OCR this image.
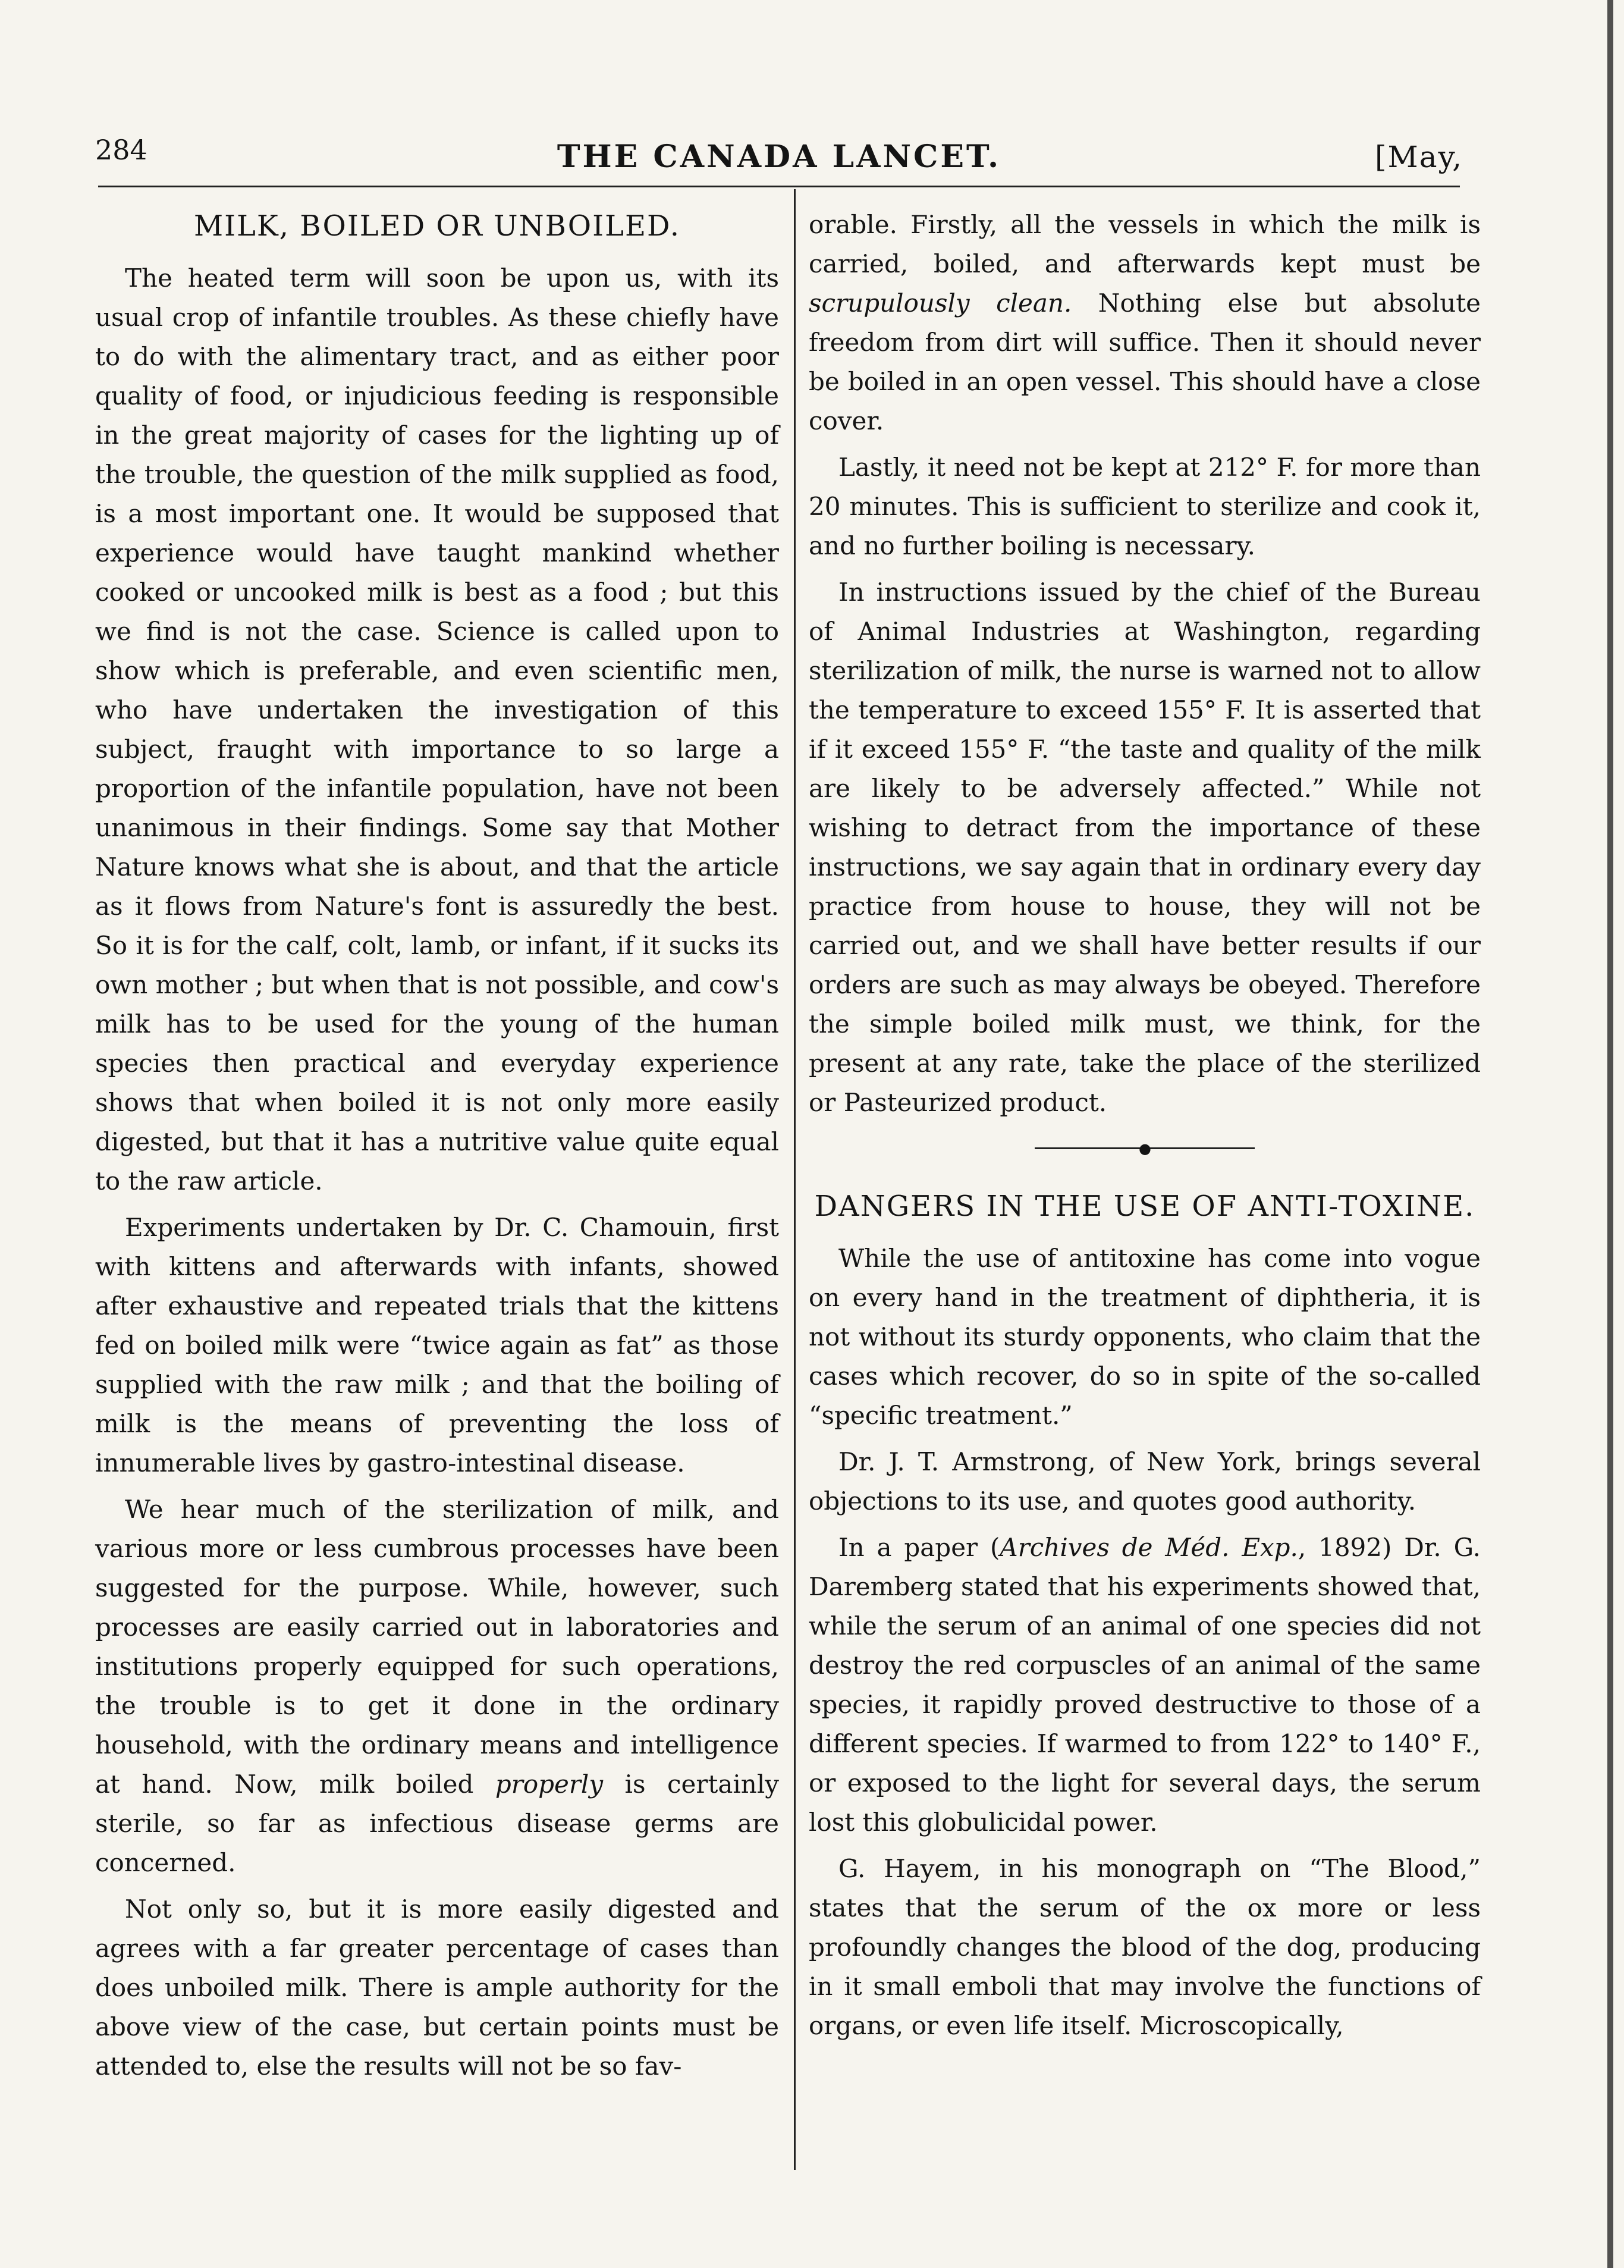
284	THE CANADA LANCET.	[May,
MILK, BOILED OR UNBOILED.

The heated term will soon be upon us, with its usual crop of infantile troubles. As these chiefly have to do with the alimentary tract, and as either poor quality of food, or injudicious feeding is responsible in the great majority of cases for the lighting up of the trouble, the question of the milk supplied as food, is a most important one. It would be supposed that experience would have taught mankind whether cooked or uncooked milk is best as a food ; but this we find is not the case. Science is called upon to show which is preferable, and even scientific men, who have undertaken the investigation of this subject, fraught with importance to so large a proportion of the infantile population, have not been unanimous in their findings. Some say that Mother Nature knows what she is about, and that the article as it flows from Nature's font is assuredly the best. So it is for the calf, colt, lamb, or infant, if it sucks its own mother ; but when that is not possible, and cow's milk has to be used for the young of the human species then practical and everyday experience shows that when boiled it is not only more easily digested, but that it has a nutritive value quite equal to the raw article.

Experiments undertaken by Dr. C. Chamouin, first with kittens and afterwards with infants, showed after exhaustive and repeated trials that the kittens fed on boiled milk were “twice again as fat” as those supplied with the raw milk ; and that the boiling of milk is the means of preventing the loss of innumerable lives by gastro-intestinal disease.

We hear much of the sterilization of milk, and various more or less cumbrous processes have been suggested for the purpose. While, however, such processes are easily carried out in laboratories and institutions properly equipped for such operations, the trouble is to get it done in the ordinary household, with the ordinary means and intelligence at hand. Now, milk boiled properly is certainly sterile, so far as infectious disease germs are concerned.

Not only so, but it is more easily digested and agrees with a far greater percentage of cases than does unboiled milk. There is ample authority for the above view of the case, but certain points must be attended to, else the results will not be so fav-

orable. Firstly, all the vessels in which the milk is carried, boiled, and afterwards kept must be scrupulously clean. Nothing else but absolute freedom from dirt will suffice. Then it should never be boiled in an open vessel. This should have a close cover.

Lastly, it need not be kept at 212° F. for more than 20 minutes. This is sufficient to sterilize and cook it, and no further boiling is necessary.

In instructions issued by the chief of the Bureau of Animal Industries at Washington, regarding sterilization of milk, the nurse is warned not to allow the temperature to exceed 155° F. It is asserted that if it exceed 155° F. “the taste and quality of the milk are likely to be adversely affected.” While not wishing to detract from the importance of these instructions, we say again that in ordinary every day practice from house to house, they will not be carried out, and we shall have better results if our orders are such as may always be obeyed. Therefore the simple boiled milk must, we think, for the present at any rate, take the place of the sterilized or Pasteurized product.

●
DANGERS IN THE USE OF ANTI-TOXINE.

While the use of antitoxine has come into vogue on every hand in the treatment of diphtheria, it is not without its sturdy opponents, who claim that the cases which recover, do so in spite of the so-called “specific treatment.”

Dr. J. T. Armstrong, of New York, brings several objections to its use, and quotes good authority.

In a paper (Archives de Méd. Exp., 1892) Dr. G. Daremberg stated that his experiments showed that, while the serum of an animal of one species did not destroy the red corpuscles of an animal of the same species, it rapidly proved destructive to those of a different species. If warmed to from 122° to 140° F., or exposed to the light for several days, the serum lost this globulicidal power.

G. Hayem, in his monograph on “The Blood,” states that the serum of the ox more or less profoundly changes the blood of the dog, producing in it small emboli that may involve the functions of organs, or even life itself. Microscopically,
